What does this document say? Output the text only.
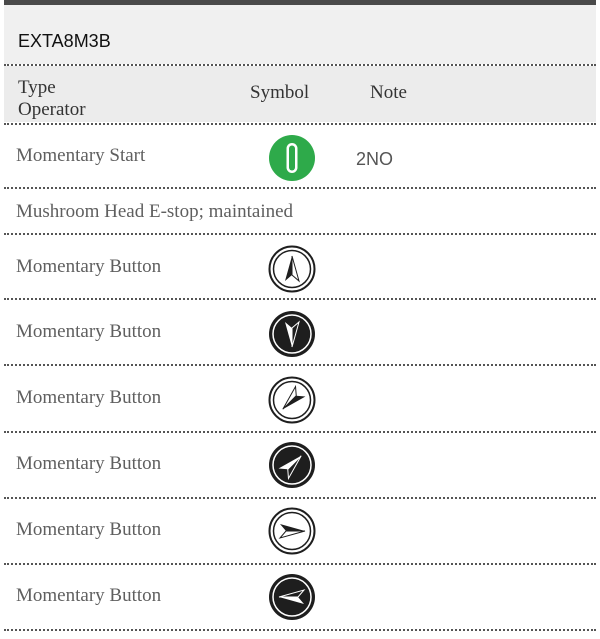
EXTA8M3B
Type
Operator
Symbol	Note
Momentary Start	2NO
Mushroom Head E-stop; maintained
Momentary Button
Momentary Button
Momentary Button
Momentary Button
Momentary Button
Momentary Button
